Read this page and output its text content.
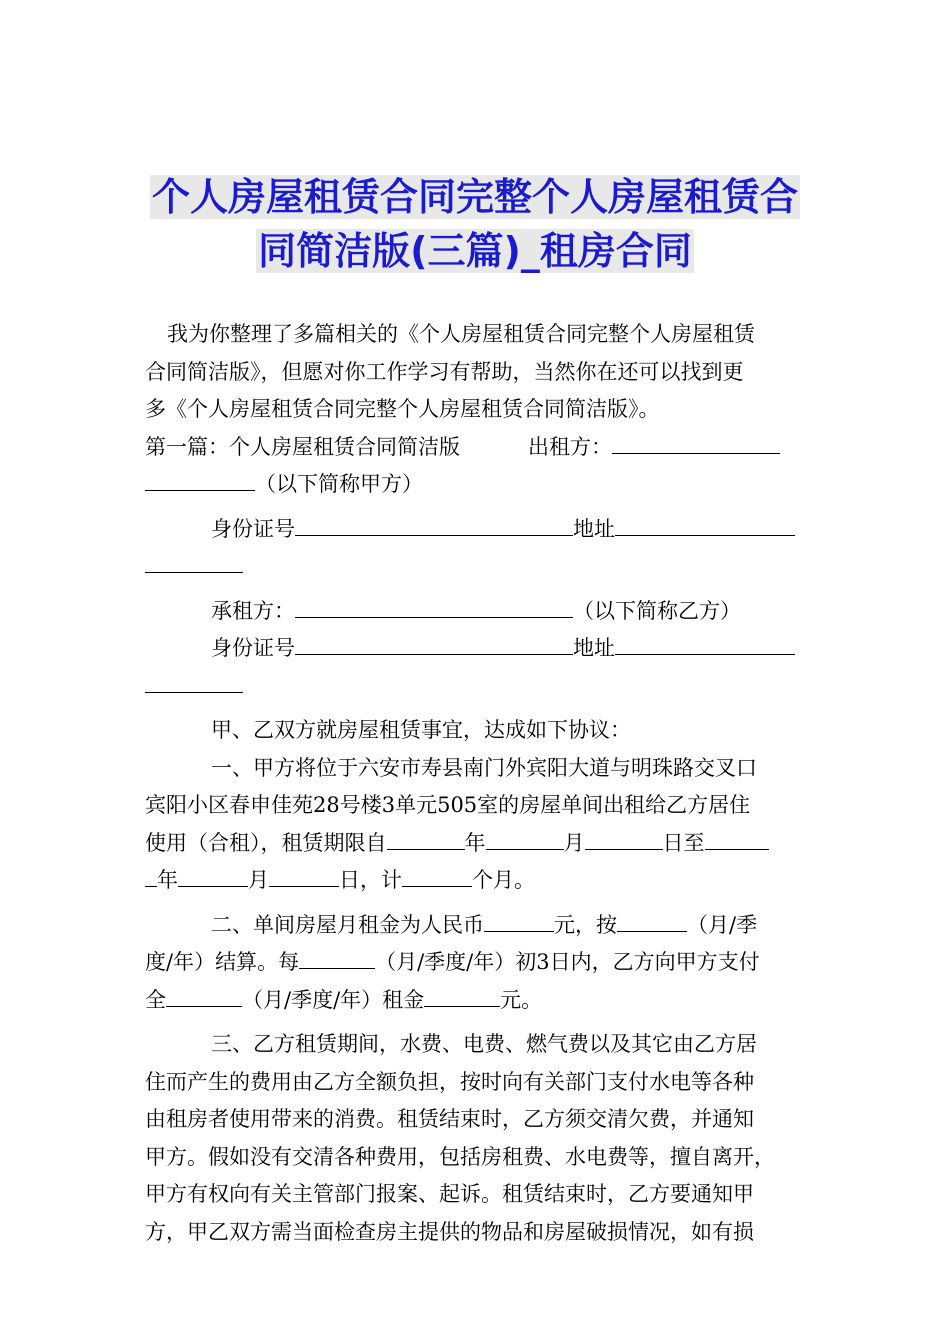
个人房屋租赁合同完整个人房屋租赁合
同简洁版(三篇)_租房合同
我为你整理了多篇相关的《个人房屋租赁合同完整个人房屋租赁
合同简洁版》，但愿对你工作学习有帮助，当然你在还可以找到更
多《个人房屋租赁合同完整个人房屋租赁合同简洁版》。
第一篇：个人房屋租赁合同简洁版	出租方：
（以下简称甲方）
身份证号	地址
承租方：	（以下简称乙方）
身份证号	地址
甲、乙双方就房屋租赁事宜，达成如下协议：
一、甲方将位于六安市寿县南门外宾阳大道与明珠路交叉口
宾阳小区春申佳苑28号楼3单元505室的房屋单间出租给乙方居住
使用（合租），租赁期限自	年	月	日至
年	月	日，计	个月。
二、单间房屋月租金为人民币	元，按	（月/季
度/年）结算。每	（月/季度/年）初3日内，乙方向甲方支付
全	（月/季度/年）租金	元。
三、乙方租赁期间，水费、电费、燃气费以及其它由乙方居
住而产生的费用由乙方全额负担，按时向有关部门支付水电等各种
由租房者使用带来的消费。租赁结束时，乙方须交清欠费，并通知
甲方。假如没有交清各种费用，包括房租费、水电费等，擅自离开，
甲方有权向有关主管部门报案、起诉。租赁结束时，乙方要通知甲
方，甲乙双方需当面检查房主提供的物品和房屋破损情况，如有损
